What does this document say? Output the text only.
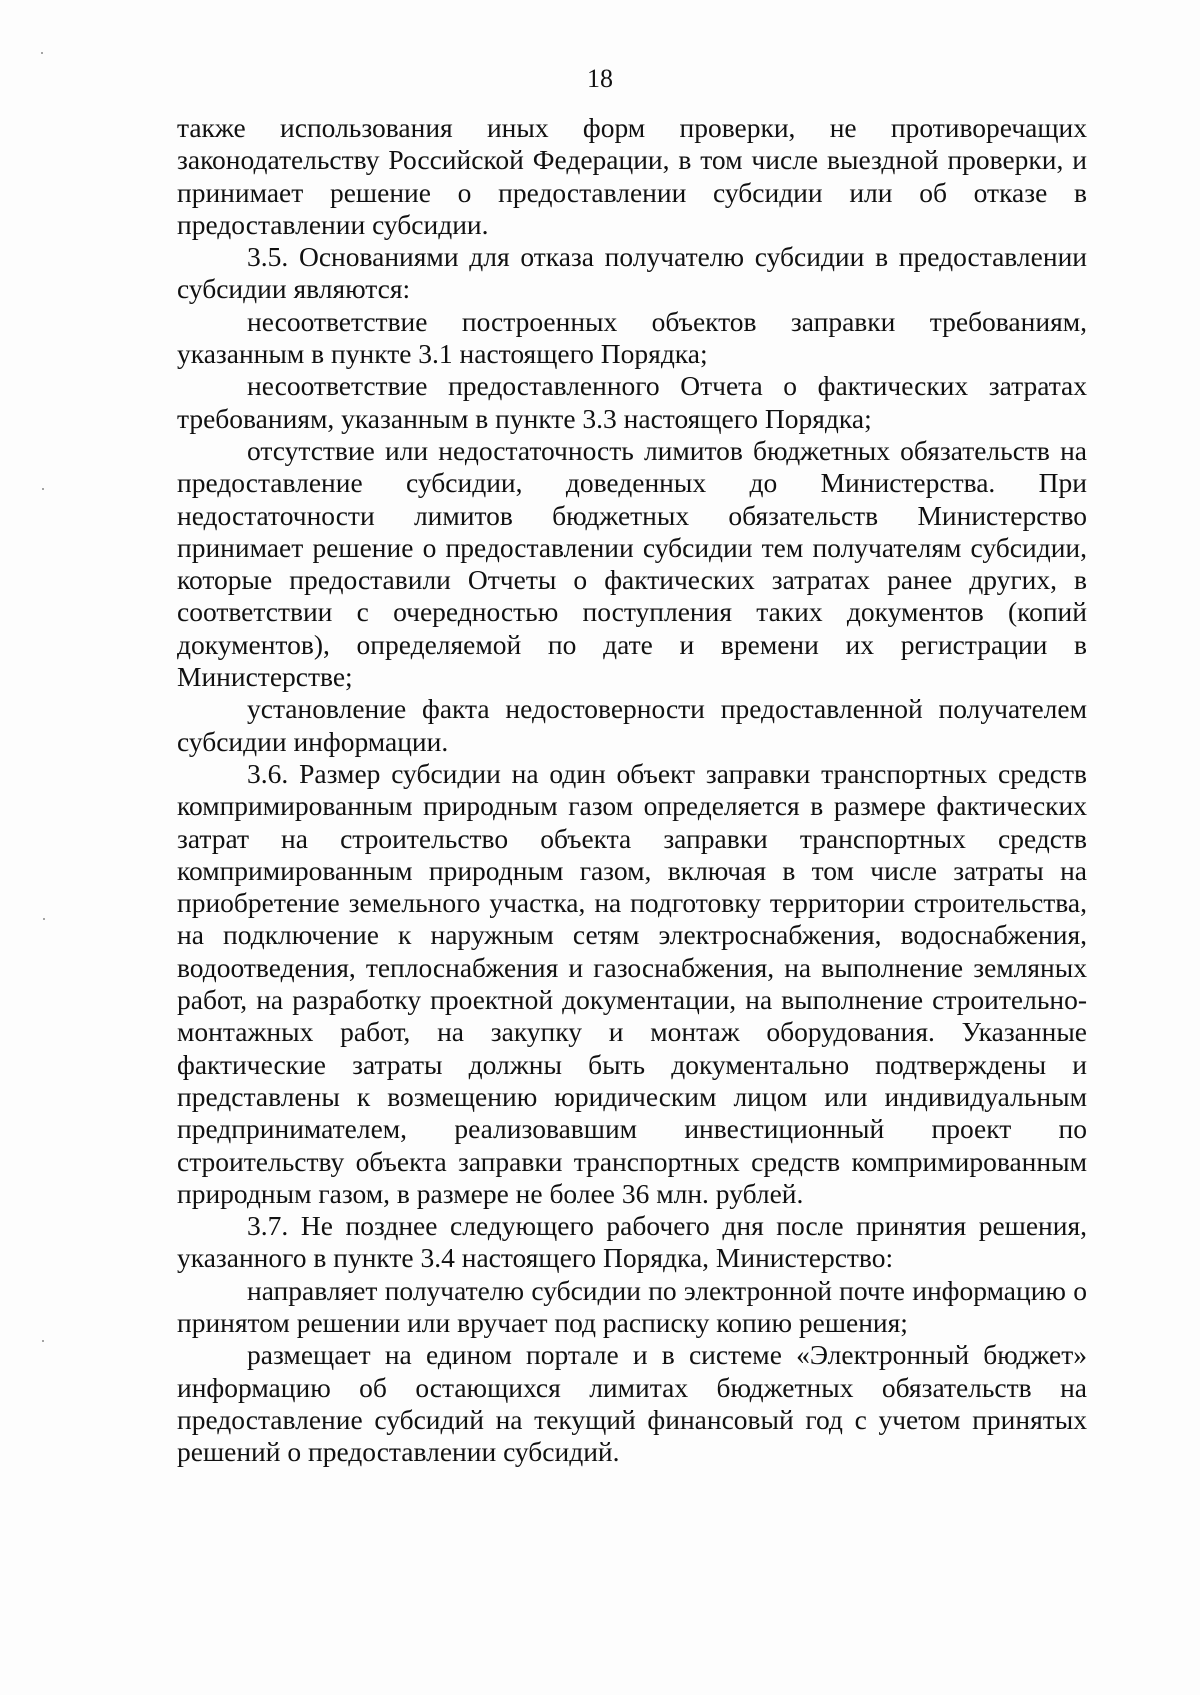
18

также использования иных форм проверки, не противоречащих законодательству Российской Федерации, в том числе выездной проверки, и принимает решение о предоставлении субсидии или об отказе в предоставлении субсидии.

3.5. Основаниями для отказа получателю субсидии в предоставлении субсидии являются:

несоответствие построенных объектов заправки требованиям, указанным в пункте 3.1 настоящего Порядка;

несоответствие предоставленного Отчета о фактических затратах требованиям, указанным в пункте 3.3 настоящего Порядка;

отсутствие или недостаточность лимитов бюджетных обязательств на предоставление субсидии, доведенных до Министерства. При недостаточности лимитов бюджетных обязательств Министерство принимает решение о предоставлении субсидии тем получателям субсидии, которые предоставили Отчеты о фактических затратах ранее других, в соответствии с очередностью поступления таких документов (копий документов), определяемой по дате и времени их регистрации в Министерстве;

установление факта недостоверности предоставленной получателем субсидии информации.

3.6. Размер субсидии на один объект заправки транспортных средств компримированным природным газом определяется в размере фактических затрат на строительство объекта заправки транспортных средств компримированным природным газом, включая в том числе затраты на приобретение земельного участка, на подготовку территории строительства, на подключение к наружным сетям электроснабжения, водоснабжения, водоотведения, теплоснабжения и газоснабжения, на выполнение земляных работ, на разработку проектной документации, на выполнение строительно-монтажных работ, на закупку и монтаж оборудования. Указанные фактические затраты должны быть документально подтверждены и представлены к возмещению юридическим лицом или индивидуальным предпринимателем, реализовавшим инвестиционный проект по строительству объекта заправки транспортных средств компримированным природным газом, в размере не более 36 млн. рублей.

3.7. Не позднее следующего рабочего дня после принятия решения, указанного в пункте 3.4 настоящего Порядка, Министерство:

направляет получателю субсидии по электронной почте информацию о принятом решении или вручает под расписку копию решения;

размещает на едином портале и в системе «Электронный бюджет» информацию об остающихся лимитах бюджетных обязательств на предоставление субсидий на текущий финансовый год с учетом принятых решений о предоставлении субсидий.
